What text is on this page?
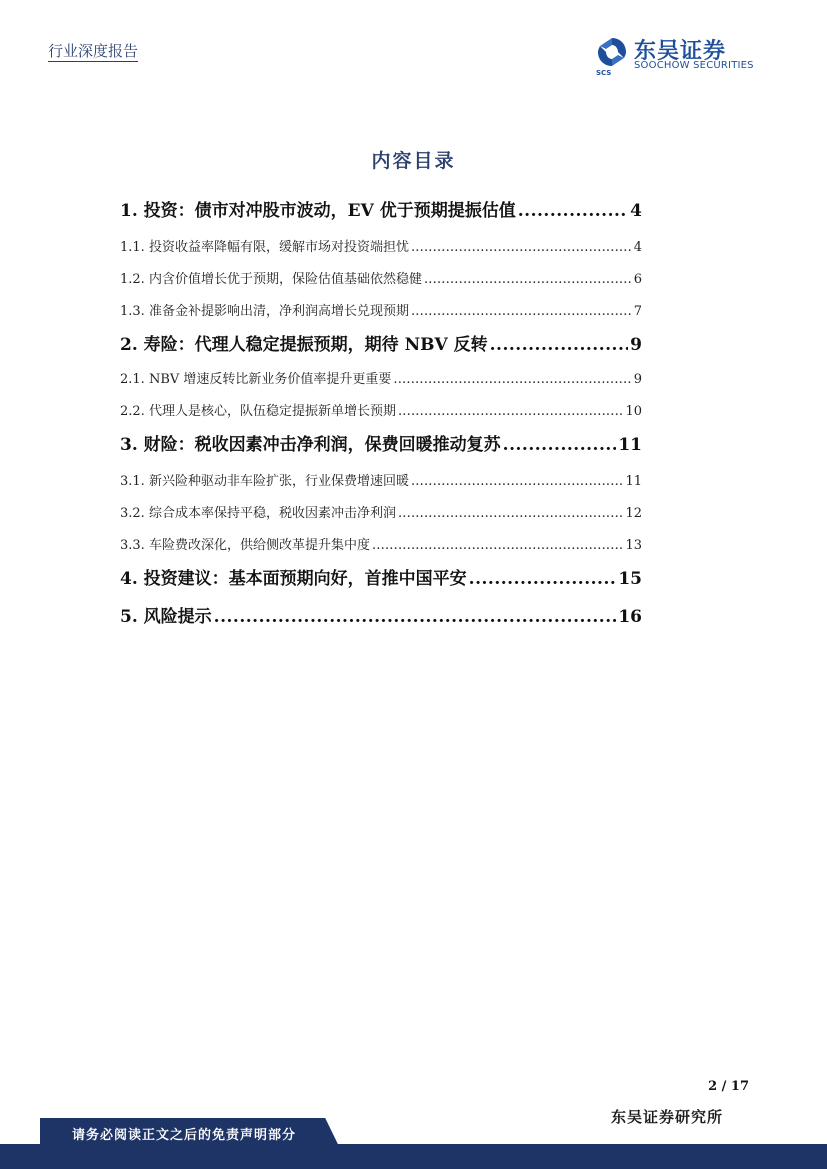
行业深度报告
SCS
东吴证券
SOOCHOW SECURITIES
内容目录
1. 投资：债市对冲股市波动，EV 优于预期提振估值 .....	4
1.1. 投资收益率降幅有限，缓解市场对投资端担忧 .....	4
1.2. 内含价值增长优于预期，保险估值基础依然稳健 .....	6
1.3. 准备金补提影响出清，净利润高增长兑现预期 .....	7
2. 寿险：代理人稳定提振预期，期待 NBV 反转 .....	9
2.1. NBV 增速反转比新业务价值率提升更重要 .....	9
2.2. 代理人是核心，队伍稳定提振新单增长预期 .....	10
3. 财险：税收因素冲击净利润，保费回暖推动复苏 .....	11
3.1. 新兴险种驱动非车险扩张，行业保费增速回暖 .....	11
3.2. 综合成本率保持平稳，税收因素冲击净利润 .....	12
3.3. 车险费改深化，供给侧改革提升集中度 .....	13
4. 投资建议：基本面预期向好，首推中国平安 .....	15
5. 风险提示 .....	16
2 / 17
东吴证券研究所
请务必阅读正文之后的免责声明部分
